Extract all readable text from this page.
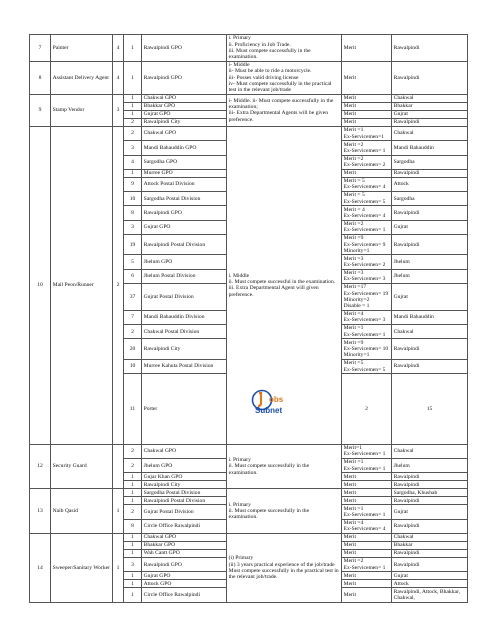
7	Painter	4	1	Rawalpindi GPO	i. Primary
ii. Proficiency in Job Trade.
iii. Must compete successfully in the examination.	Merit	Rawalpindi	
8	Assistant Delivery Agent	4	1	Rawalpindi GPO	i- Middle
ii- Must be able to ride a motorcycle.
iii- Posses valid driving license
iv- Must compete successfully in the practical test in the relevant job/trade	Merit	Rawalpindi	
9	Stamp Vendor	3	1	Chakwal GPO	i- Middle. ii- Must compete successfully in the examination;
iii- Extra Departmental Agents will be given preference.	Merit	Chakwal	
			1	Bhakkar GPO		Merit	Bhakkar	
			1	Gujrat GPO		Merit	Gujrat	
			2	Rawalpindi City		Merit	Rawalpindi	
10	Mail Peon/Runner	2	2	Chakwal GPO	i. Middle
ii. Must compete successful in the examination.
iii. Extra Departmental Agent will given preference.	Merit =1
Ex-Servicemen=1	Chakwal	
			3	Mandi Bahauddin GPO		Merit =2
Ex-Servicemen= 1	Mandi Bahauddin	
			4	Sargodha GPO		Merit =2
Ex-Servicemen= 2	Sargodha	
			1	Murree GPO		Merit	Rawalpindi	
			9	Attock Postal Division		Merit = 5
Ex-Servicemen= 4	Attock	
			10	Sargodha Postal Division		Merit = 5
Ex-Servicemen= 5	Sargodha	
			8	Rawalpindi GPO		Merit = 4
Ex-Servicemen= 4	Rawalpindi	
			3	Gujrat GPO		Merit =2
Ex-Servicemen= 1	Gujrat	
			19	Rawalpindi Postal Division		Merit =9
Ex-Servicemen= 9
Minority=1	Rawalpindi	
			5	Jhelum GPO		Merit =3
Ex-Servicemen= 2	Jhelum	
			6	Jhelum Postal Division		Merit =3
Ex-Servicemen= 3	Jhelum	
			37	Gujrat Postal Division		Merit =17
Ex-Servicemen= 19
Minority=2
Disable = 1	Gujrat	
			7	Mandi Bahauddin Division		Merit =4
Ex-Servicemen= 3	Mandi Bahauddin	
			2	Chakwal Postal Division		Merit =1
Ex-Servicemen= 1	Chakwal	
			20	Rawalpindi City		Merit =9
Ex-Servicemen= 10
Minority=1	Rawalpindi	
			10	Murree Kahuta Postal Division		Merit =5
Ex-Servicemen= 5	Rawalpindi	
			11	Porter		2	15				
12	Security Guard		2	Chakwal GPO	i. Primary
ii. Must compete successfully in the examination.	Merit=1
Ex-Servicemen= 1	Chakwal	
			2	Jhelum GPO		Merit =1
Ex-Servicemen= 1	Jhelum	
			1	Gujar Khan GPO		Merit	Rawalpindi	
			1	Rawalpindi City		Merit	Rawalpindi	
13	Naib Qasid	1	1	Sargodha Postal Division	i. Primary
ii. Must compete successfully in the examination.	Merit	Sargodha, Khushab	
			1	Rawalpindi Postal Division		Merit	Rawalpindi	
			2	Gujrat Postal Division		Merit =1
Ex-Servicemen= 1	Gujrat	
			8	Circle Office Rawalpindi		Merit =4
Ex-Servicemen= 4	Rawalpindi	
14	Sweeper/Sanitary Worker	1	1	Chakwal GPO	(i) Primary
(ii) 3 years practical experience of the job/trade
Must compete successfully in the practical test in the relevant job/trade.	Merit	Chakwal	
			1	Bhakkar GPO		Merit	Bhakkar	
			1	Wah Cantt GPO		Merit	Rawalpindi	
			3	Rawalpindi GPO		Merit =2
Ex-Servicemen= 1	Rawalpindi	
			1	Gujrat GPO		Merit	Gujrat	
			1	Attock GPO		Merit	Attock	
			1	Circle Office Rawalpindi		Merit	Rawalpindi, Attock, Bhakkar, Chakwal,	
obs
Subnet
